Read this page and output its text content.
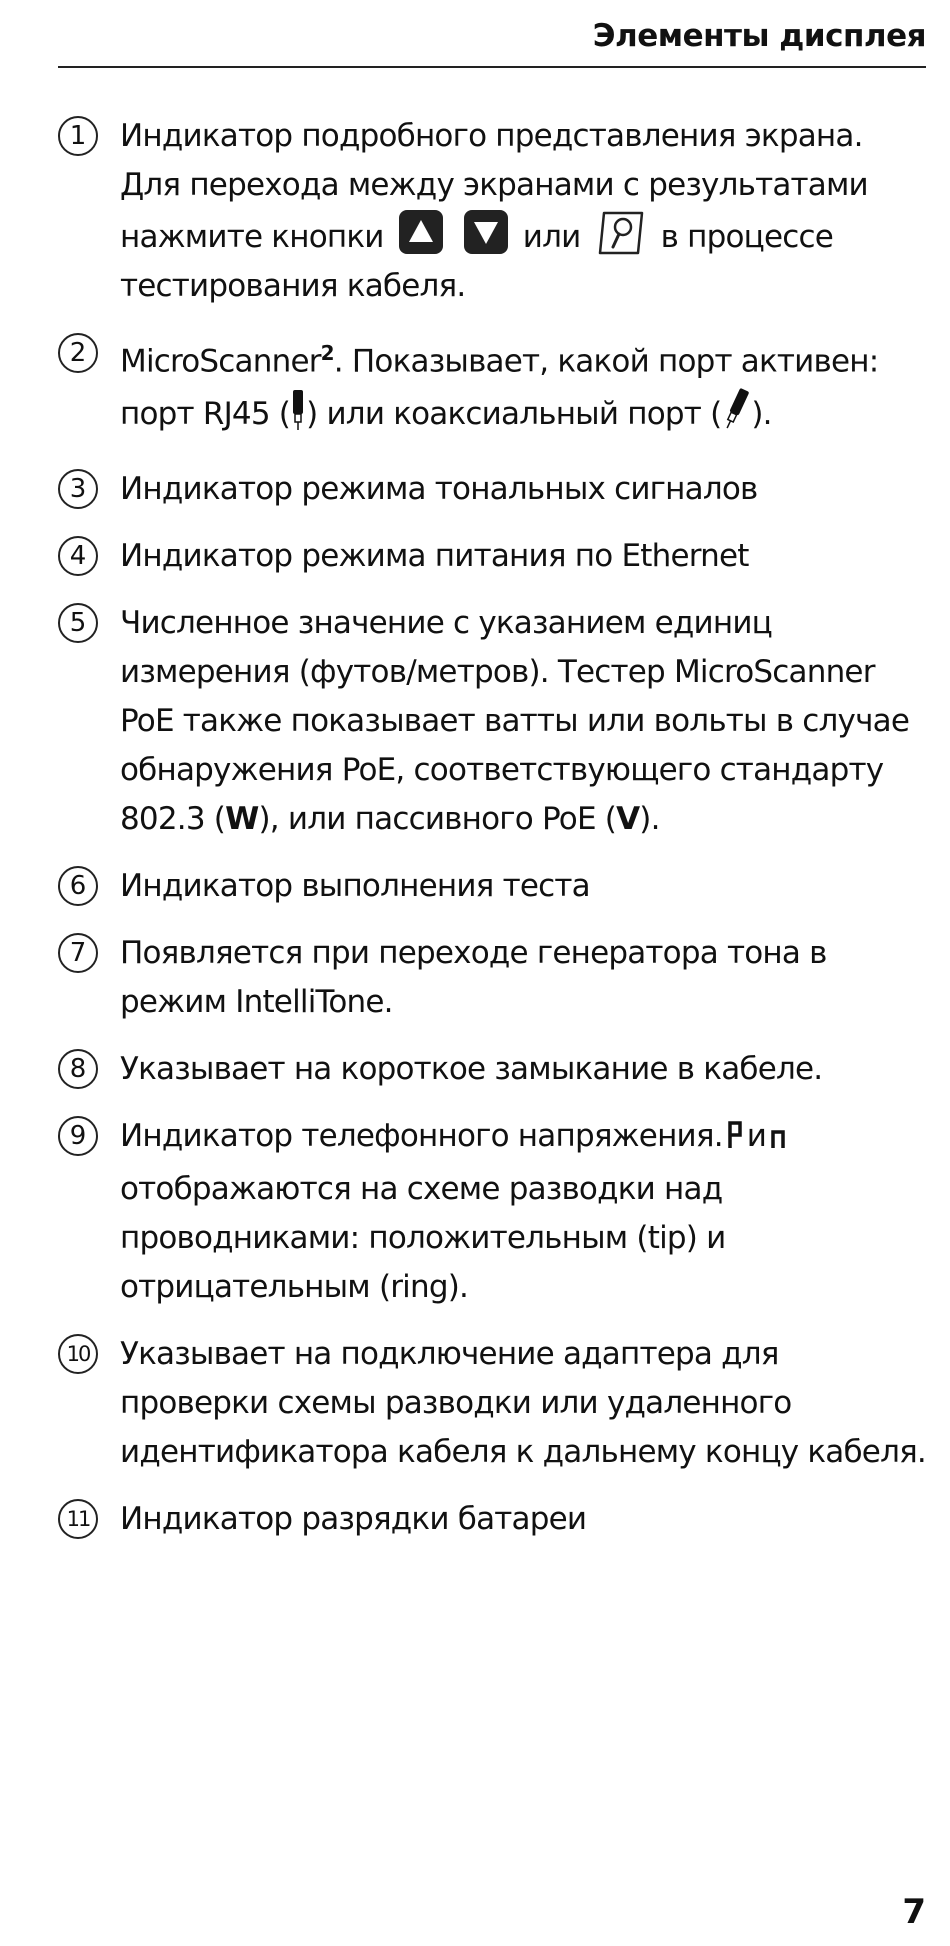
Элементы дисплея
1	Индикатор подробного представления экрана. Для перехода между экранами с результатами нажмите кнопки
	или	в процессе тестирования кабеля.
2	MicroScanner$^2$. Показывает, какой порт активен: порт RJ45 ( ) или коаксиальный порт ( ).
3	Индикатор режима тональных сигналов
4	Индикатор режима питания по Ethernet
5	Численное значение с указанием единиц измерения (футов/метров). Тестер MicroScanner PoE также показывает ватты или вольты в случае обнаружения PoE, соответствующего стандарту 802.3 (W), или пассивного PoE (V).
6	Индикатор выполнения теста
7	Появляется при переходе генератора тона в режим IntelliTone.
8	Указывает на короткое замыкание в кабеле.
9	Индикатор телефонного напряжения. иотображаются на схеме разводки над проводниками: положительным (tip) и отрицательным (ring).
10 Указывает на подключение адаптера для проверки схемы разводки или удаленного идентификатора кабеля к дальнему концу кабеля.
11 Индикатор разрядки батареи
7
